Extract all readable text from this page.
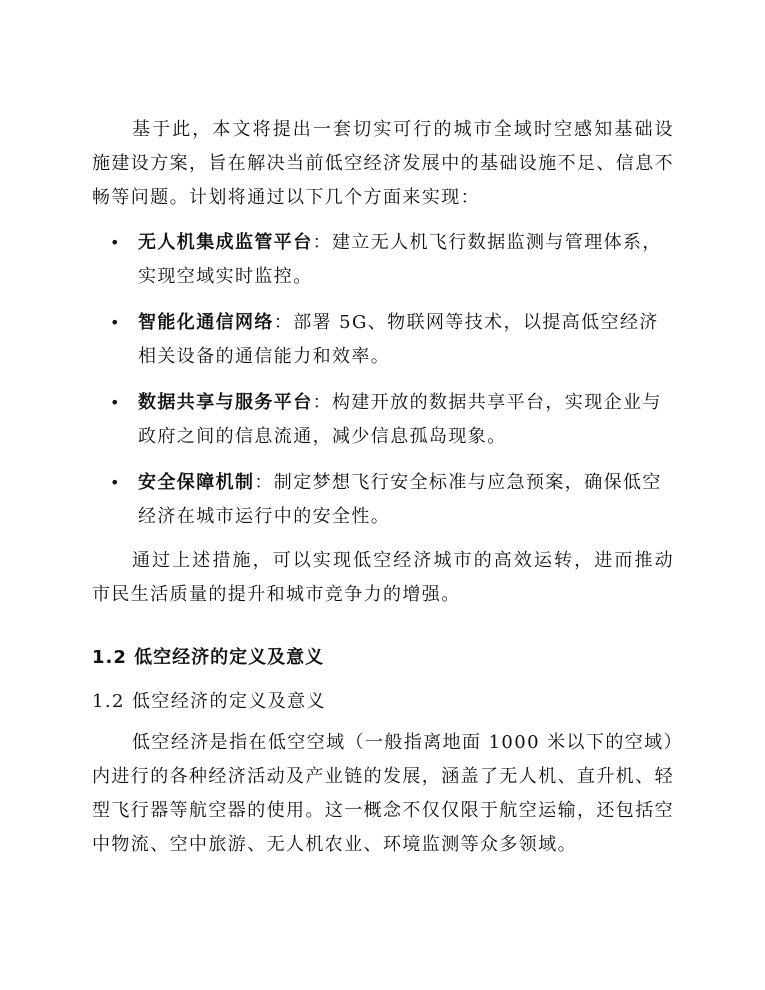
基于此，本文将提出一套切实可行的城市全域时空感知基础设施建设方案，旨在解决当前低空经济发展中的基础设施不足、信息不畅等问题。计划将通过以下几个方面来实现：

• 无人机集成监管平台：建立无人机飞行数据监测与管理体系，实现空域实时监控。
• 智能化通信网络：部署 5G、物联网等技术，以提高低空经济相关设备的通信能力和效率。
• 数据共享与服务平台：构建开放的数据共享平台，实现企业与政府之间的信息流通，减少信息孤岛现象。
• 安全保障机制：制定梦想飞行安全标准与应急预案，确保低空经济在城市运行中的安全性。

通过上述措施，可以实现低空经济城市的高效运转，进而推动市民生活质量的提升和城市竞争力的增强。

1.2 低空经济的定义及意义

1.2 低空经济的定义及意义

低空经济是指在低空空域（一般指离地面 1000 米以下的空域）内进行的各种经济活动及产业链的发展，涵盖了无人机、直升机、轻型飞行器等航空器的使用。这一概念不仅仅限于航空运输，还包括空中物流、空中旅游、无人机农业、环境监测等众多领域。
